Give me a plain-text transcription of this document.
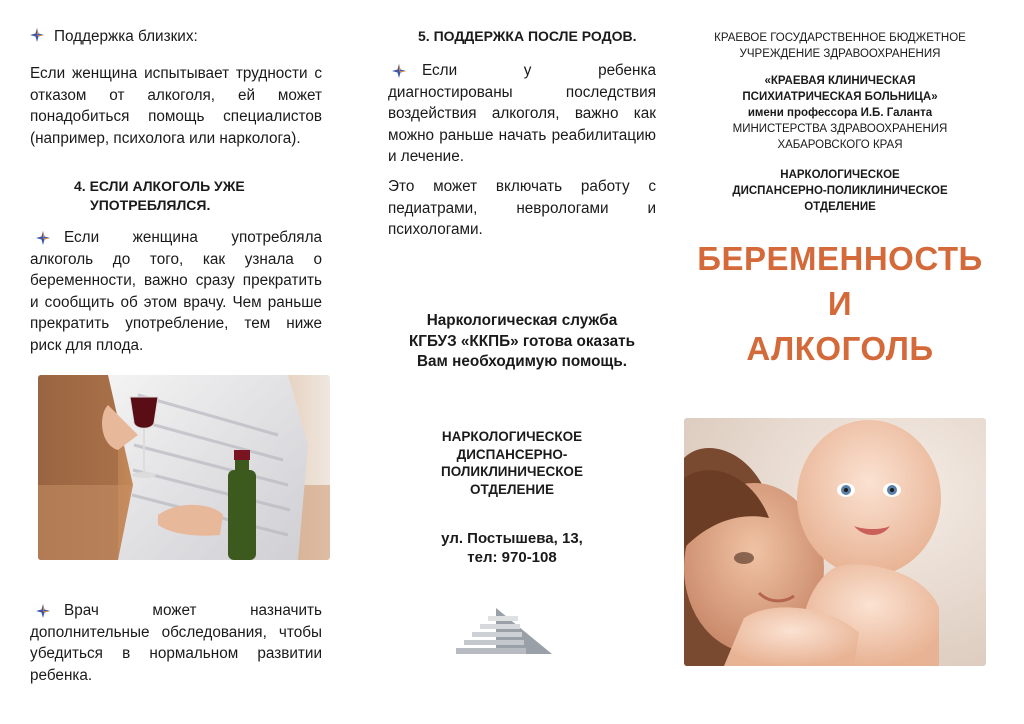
Поддержка близких:

Если женщина испытывает трудности с отказом от алкоголя, ей может понадобиться помощь специалистов (например, психолога или нарколога).

4. ЕСЛИ АЛКОГОЛЬ УЖЕ
УПОТРЕБЛЯЛСЯ.

Если женщина употребляла алкоголь до того, как узнала о беременности, важно сразу прекратить и сообщить об этом врачу. Чем раньше прекратить употребление, тем ниже риск для плода.

Врач может назначить дополнительные обследования, чтобы убедиться в нормальном развитии ребенка.

5. ПОДДЕРЖКА ПОСЛЕ РОДОВ.

Если у ребенка диагностированы последствия воздействия алкоголя, важно как можно раньше начать реабилитацию и лечение.

Это может включать работу с педиатрами, неврологами и психологами.

Наркологическая служба
КГБУЗ «ККПБ» готова оказать
Вам необходимую помощь.
НАРКОЛОГИЧЕСКОЕ
ДИСПАНСЕРНО-
ПОЛИКЛИНИЧЕСКОЕ
ОТДЕЛЕНИЕ
ул. Постышева, 13,
тел: 970-108
КРАЕВОЕ ГОСУДАРСТВЕННОЕ БЮДЖЕТНОЕ
УЧРЕЖДЕНИЕ ЗДРАВООХРАНЕНИЯ
«КРАЕВАЯ КЛИНИЧЕСКАЯ
ПСИХИАТРИЧЕСКАЯ БОЛЬНИЦА»
имени профессора И.Б. Галанта
МИНИСТЕРСТВА ЗДРАВООХРАНЕНИЯ
ХАБАРОВСКОГО КРАЯ
НАРКОЛОГИЧЕСКОЕ
ДИСПАНСЕРНО-ПОЛИКЛИНИЧЕСКОЕ
ОТДЕЛЕНИЕ
БЕРЕМЕННОСТЬ
И
АЛКОГОЛЬ
